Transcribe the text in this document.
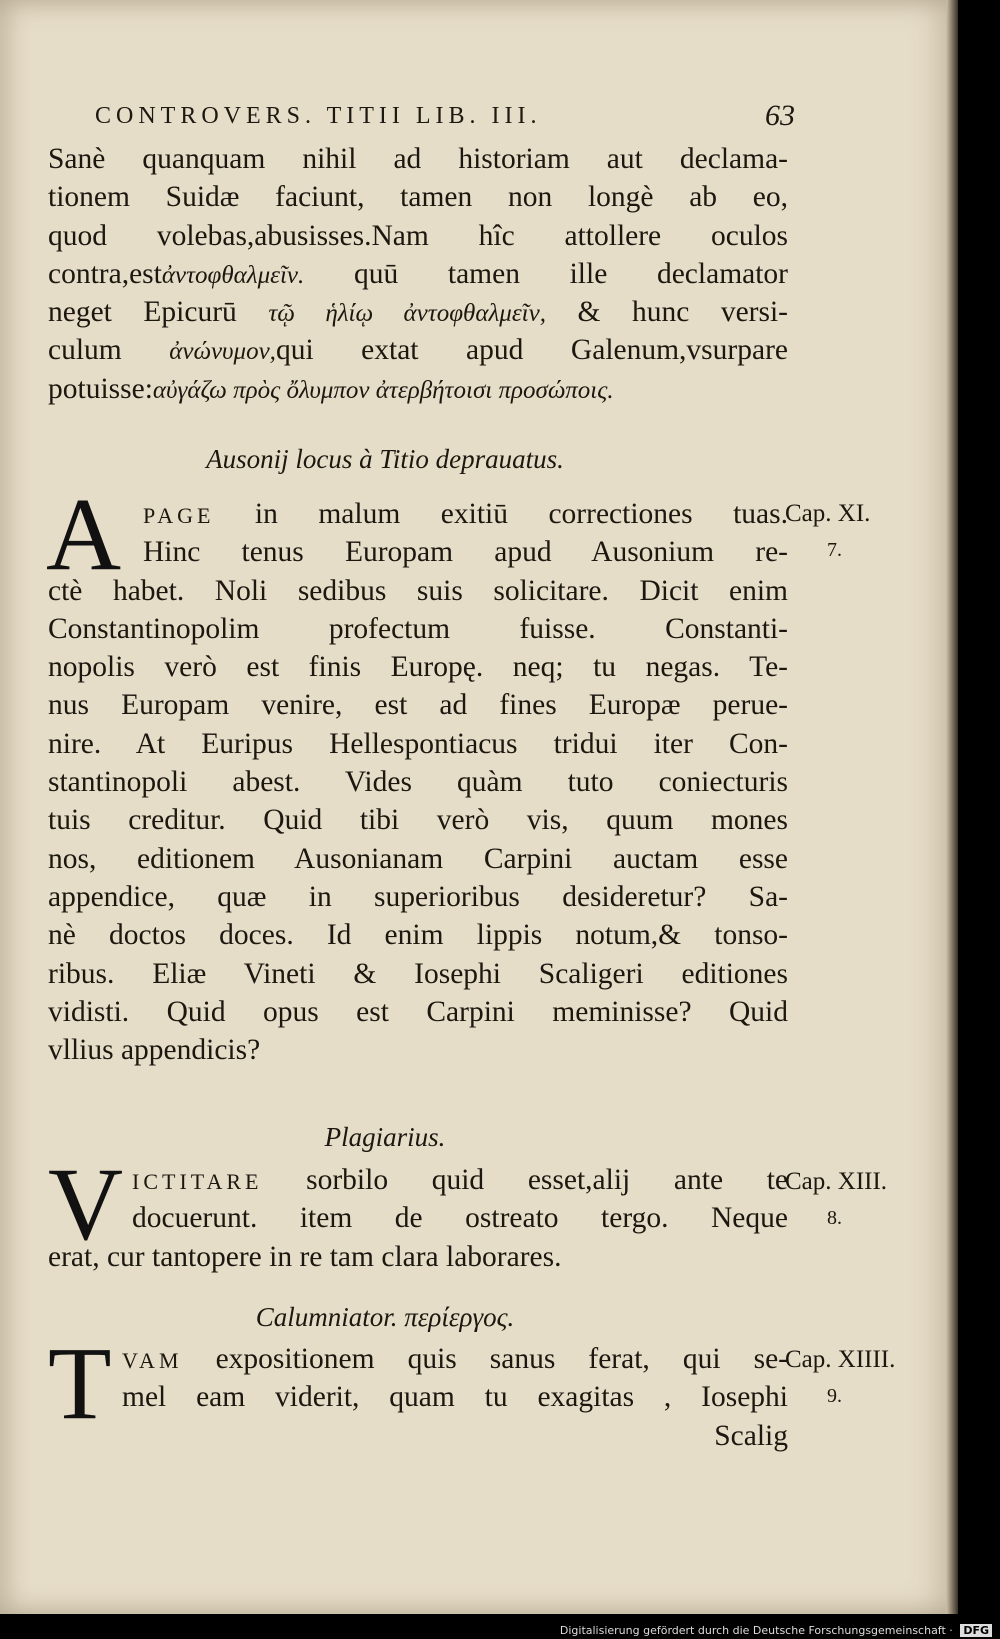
CONTROVERS. TITII LIB. III.	63
Sanè quanquam nihil ad historiam aut declama-
tionem Suidæ faciunt, tamen non longè ab eo,
quod volebas,abusisses.Nam hîc attollere oculos
contra,estἀντοφθαλμεῖν. quū tamen ille declamator
neget Epicurū τῷ ἡλίῳ ἀντοφθαλμεῖν, & hunc versi-
culum ἀνώνυμον,qui extat apud Galenum,vsurpare
potuisse:αὐγάζω πρὸς ὄλυμπον ἀτερβήτοισι προσώποις.
Ausonij locus à Titio deprauatus.
A PAGE in malum exitiū correctiones tuas.
Hinc tenus Europam apud Ausonium re-
ctè habet. Noli sedibus suis solicitare. Dicit enim
Constantinopolim profectum fuisse. Constanti-
nopolis verò est finis Europę. neq; tu negas. Te-
nus Europam venire, est ad fines Europæ perue-
nire. At Euripus Hellespontiacus tridui iter Con-
stantinopoli abest. Vides quàm tuto coniecturis
tuis creditur. Quid tibi verò vis, quum mones
nos, editionem Ausonianam Carpini auctam esse
appendice, quæ in superioribus desideretur? Sa-
nè doctos doces. Id enim lippis notum,& tonso-
ribus. Eliæ Vineti & Iosephi Scaligeri editiones
vidisti. Quid opus est Carpini meminisse? Quid
vllius appendicis?
Cap. XI.
7.
Plagiarius.
V ICTITARE sorbilo quid esset,alij ante te
docuerunt. item de ostreato tergo. Neque
erat, cur tantopere in re tam clara laborares.
Cap. XIII.
8.
Calumniator. περίεργος.
T VAM expositionem quis sanus ferat, qui se-
mel eam viderit, quam tu exagitas , Iosephi
Scalig
Cap. XIIII.
9.
Digitalisierung gefördert durch die Deutsche Forschungsgemeinschaft · DFG
